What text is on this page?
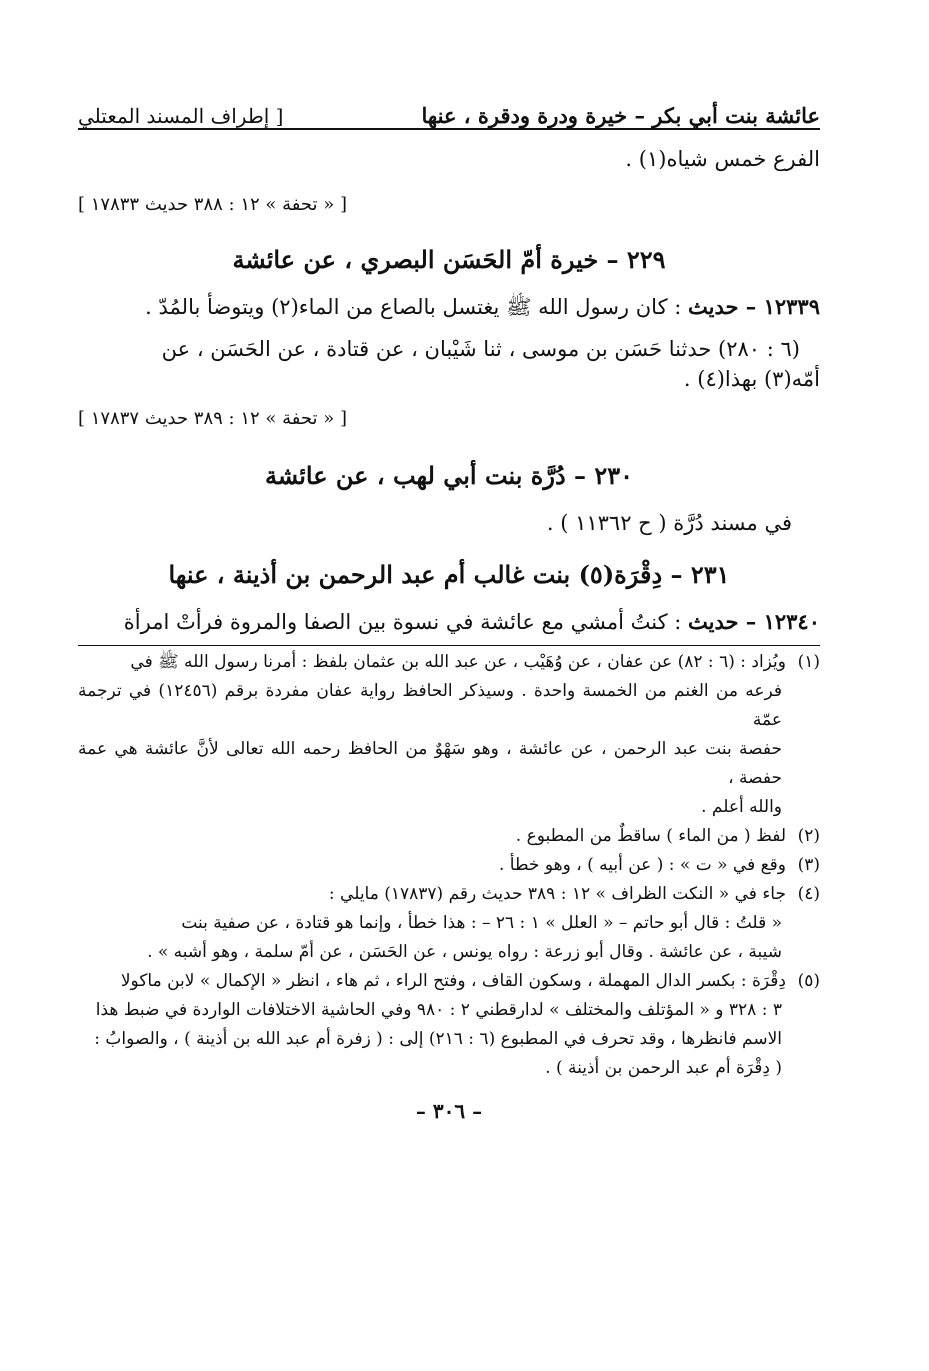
عائشة بنت أبي بكر – خيرة ودرة ودقرة ، عنها
[ إطراف المسند المعتلي
الفرع خمس شياه(١) .
[ « تحفة » ١٢ : ٣٨٨ حديث ١٧٨٣٣ ]
٢٢٩ – خيرة أمّ الحَسَن البصري ، عن عائشة
١٢٣٣٩ – حديث : كان رسول الله ﷺ يغتسل بالصاع من الماء(٢) ويتوضأ بالمُدّ .
(٦ : ٢٨٠) حدثنا حَسَن بن موسى ، ثنا شَيْبان ، عن قتادة ، عن الحَسَن ، عن
أمّه(٣) بهذا(٤) .
[ « تحفة » ١٢ : ٣٨٩ حديث ١٧٨٣٧ ]
٢٣٠ – دُرَّة بنت أبي لهب ، عن عائشة
في مسند دُرَّة ( ح ١١٣٦٢ ) .
٢٣١ – دِقْرَة(٥) بنت غالب أم عبد الرحمن بن أذينة ، عنها
١٢٣٤٠ – حديث : كنتُ أمشي مع عائشة في نسوة بين الصفا والمروة فرأتْ امرأة
(١)ويُزاد : (٦ : ٨٢) عن عفان ، عن وُهَيْب ، عن عبد الله بن عثمان بلفظ : أمرنا رسول الله ﷺ في
فرعه من الغنم من الخمسة واحدة . وسيذكر الحافظ رواية عفان مفردة برقم (١٢٤٥٦) في ترجمة عمّة
حفصة بنت عبد الرحمن ، عن عائشة ، وهو سَهْوٌ من الحافظ رحمه الله تعالى لأنَّ عائشة هي عمة حفصة ،
والله أعلم .
(٢)لفظ ( من الماء ) ساقطٌ من المطبوع .
(٣)وقع في « ت » : ( عن أبيه ) ، وهو خطأ .
(٤)جاء في « النكت الظراف » ١٢ : ٣٨٩ حديث رقم (١٧٨٣٧) مايلي :
« قلتُ : قال أبو حاتم – « العلل » ١ : ٢٦ – : هذا خطأ ، وإنما هو قتادة ، عن صفية بنت
شيبة ، عن عائشة . وقال أبو زرعة : رواه يونس ، عن الحَسَن ، عن أمّ سلمة ، وهو أشبه » .
(٥)دِقْرَة : بكسر الدال المهملة ، وسكون القاف ، وفتح الراء ، ثم هاء ، انظر « الإكمال » لابن ماكولا
٣ : ٣٢٨ و « المؤتلف والمختلف » لدارقطني ٢ : ٩٨٠ وفي الحاشية الاختلافات الواردة في ضبط هذا
الاسم فانظرها ، وقد تحرف في المطبوع (٦ : ٢١٦) إلى : ( زفرة أم عبد الله بن أذينة ) ، والصوابُ :
( دِقْرَة أم عبد الرحمن بن أذينة ) .
– ٣٠٦ –
